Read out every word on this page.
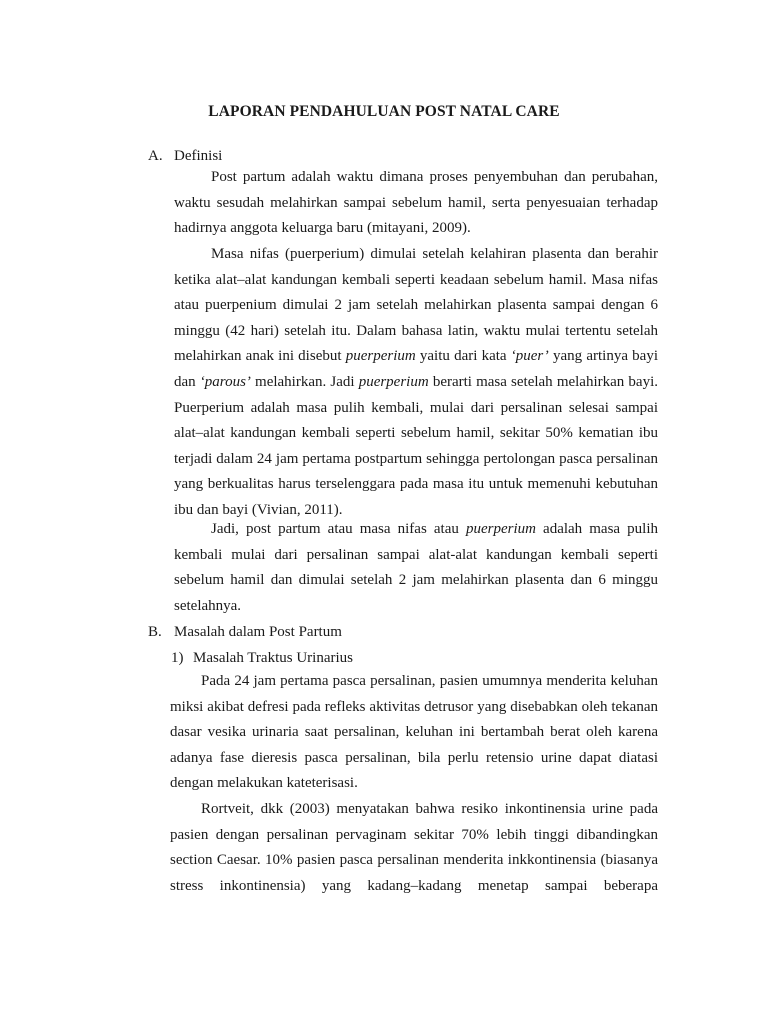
LAPORAN PENDAHULUAN POST NATAL CARE
A. Definisi

Post partum adalah waktu dimana proses penyembuhan dan perubahan, waktu sesudah melahirkan sampai sebelum hamil, serta penyesuaian terhadap hadirnya anggota keluarga baru (mitayani, 2009).

Masa nifas (puerperium) dimulai setelah kelahiran plasenta dan berahir ketika alat–alat kandungan kembali seperti keadaan sebelum hamil. Masa nifas atau puerpenium dimulai 2 jam setelah melahirkan plasenta sampai dengan 6 minggu (42 hari) setelah itu. Dalam bahasa latin, waktu mulai tertentu setelah melahirkan anak ini disebut puerperium yaitu dari kata ‘puer’ yang artinya bayi dan ‘parous’ melahirkan. Jadi puerperium berarti masa setelah melahirkan bayi. Puerperium adalah masa pulih kembali, mulai dari persalinan selesai sampai alat–alat kandungan kembali seperti sebelum hamil, sekitar 50% kematian ibu terjadi dalam 24 jam pertama postpartum sehingga pertolongan pasca persalinan yang berkualitas harus terselenggara pada masa itu untuk memenuhi kebutuhan ibu dan bayi (Vivian, 2011).

Jadi, post partum atau masa nifas atau puerperium adalah masa pulih kembali mulai dari persalinan sampai alat-alat kandungan kembali seperti sebelum hamil dan dimulai setelah 2 jam melahirkan plasenta dan 6 minggu setelahnya.

B. Masalah dalam Post Partum
1) Masalah Traktus Urinarius

Pada 24 jam pertama pasca persalinan, pasien umumnya menderita keluhan miksi akibat defresi pada refleks aktivitas detrusor yang disebabkan oleh tekanan dasar vesika urinaria saat persalinan, keluhan ini bertambah berat oleh karena adanya fase dieresis pasca persalinan, bila perlu retensio urine dapat diatasi dengan melakukan kateterisasi.

Rortveit, dkk (2003) menyatakan bahwa resiko inkontinensia urine pada pasien dengan persalinan pervaginam sekitar 70% lebih tinggi dibandingkan section Caesar. 10% pasien pasca persalinan menderita inkkontinensia (biasanya stress inkontinensia) yang kadang–kadang menetap sampai beberapa
